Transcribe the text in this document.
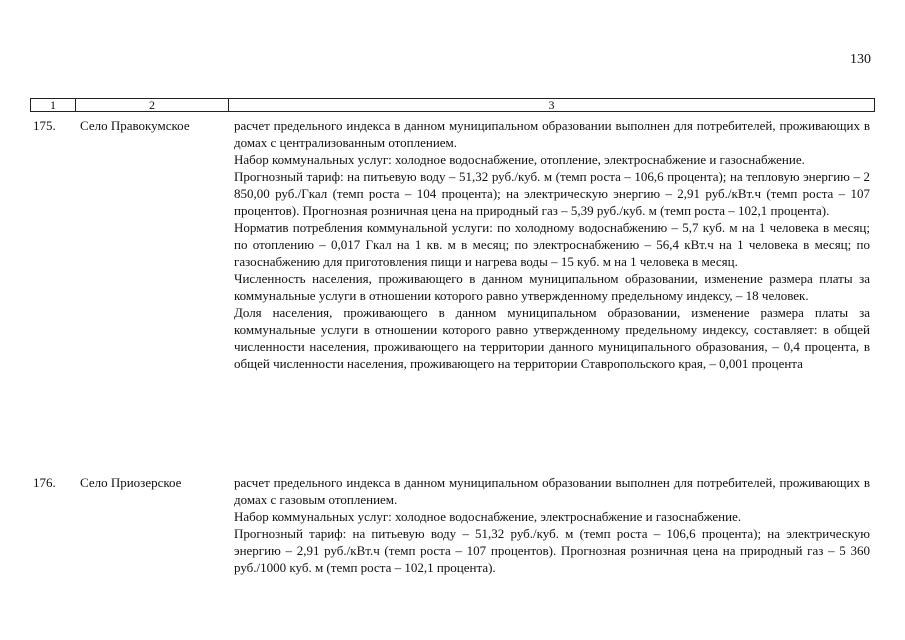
130
1	2	3
175.	Село Правокумское	расчет предельного индекса в данном муниципальном образовании выполнен для потребителей, проживающих в домах с централизованным отоплением.

Набор коммунальных услуг: холодное водоснабжение, отопление, электроснабжение и газоснабжение.

Прогнозный тариф: на питьевую воду – 51,32 руб./куб. м (темп роста – 106,6 процента); на тепловую энергию – 2 850,00 руб./Гкал (темп роста – 104 процента); на электрическую энергию – 2,91 руб./кВт.ч (темп роста – 107 процентов). Прогнозная розничная цена на природный газ – 5,39 руб./куб. м (темп роста – 102,1 процента).

Норматив потребления коммунальной услуги: по холодному водоснабжению – 5,7 куб. м на 1 человека в месяц; по отоплению – 0,017 Гкал на 1 кв. м в месяц; по электроснабжению – 56,4 кВт.ч на 1 человека в месяц; по газоснабжению для приготовления пищи и нагрева воды – 15 куб. м на 1 человека в месяц.

Численность населения, проживающего в данном муниципальном образовании, изменение размера платы за коммунальные услуги в отношении которого равно утвержденному предельному индексу, – 18 человек.

Доля населения, проживающего в данном муниципальном образовании, изменение размера платы за коммунальные услуги в отношении которого равно утвержденному предельному индексу, составляет: в общей численности населения, проживающего на территории данного муниципального образования, – 0,4 процента, в общей численности населения, проживающего на территории Ставропольского края, – 0,001 процента

176.	Село Приозерское	расчет предельного индекса в данном муниципальном образовании выполнен для потребителей, проживающих в домах с газовым отоплением.

Набор коммунальных услуг: холодное водоснабжение, электроснабжение и газоснабжение.

Прогнозный тариф: на питьевую воду – 51,32 руб./куб. м (темп роста – 106,6 процента); на электрическую энергию – 2,91 руб./кВт.ч (темп роста – 107 процентов). Прогнозная розничная цена на природный газ – 5 360 руб./1000 куб. м (темп роста – 102,1 процента).
